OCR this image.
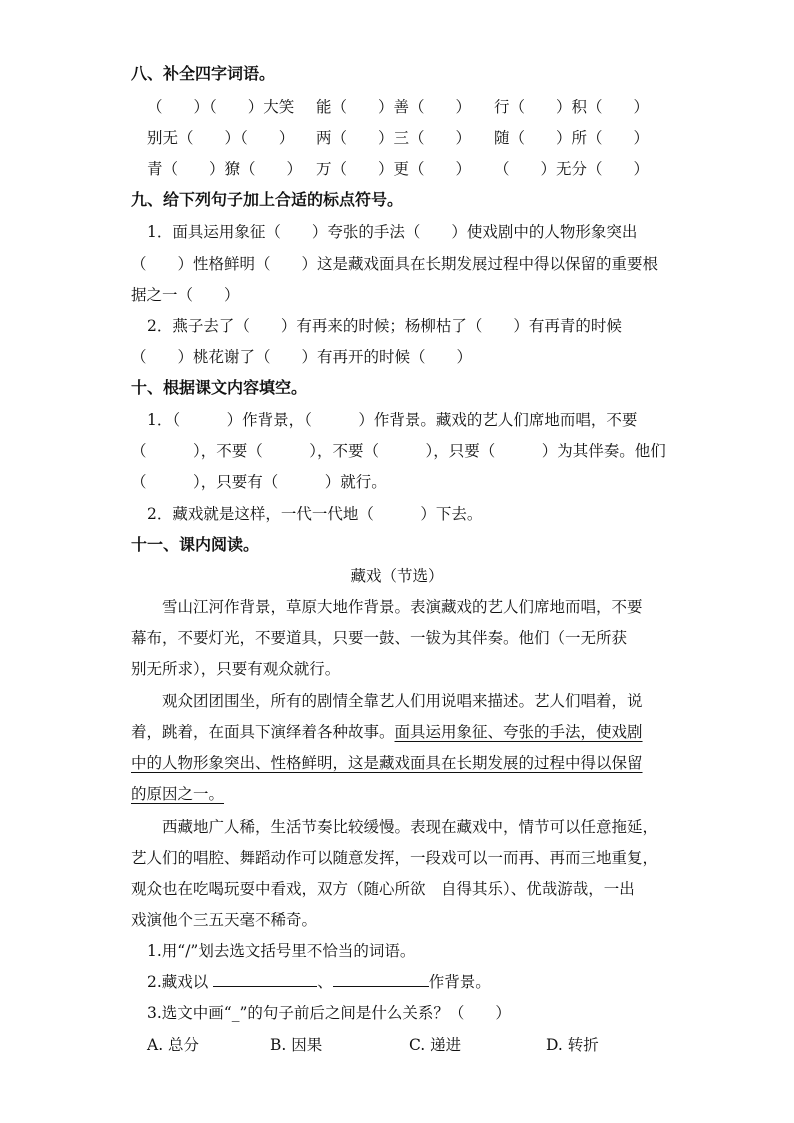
八、补全四字词语。
（　　）（　　）大笑 能（　　）善（　　） 行（　　）积（　　）
别无（　　）（　　） 两（　　）三（　　） 随（　　）所（　　）
青（　　）獠（　　） 万（　　）更（　　） （　　）无分（　　）
九、给下列句子加上合适的标点符号。
1．面具运用象征（　　）夸张的手法（　　）使戏剧中的人物形象突出
（　　）性格鲜明（　　）这是藏戏面具在长期发展过程中得以保留的重要根
据之一（　　）
2．燕子去了（　　）有再来的时候；杨柳枯了（　　）有再青的时候
（　　）桃花谢了（　　）有再开的时候（　　）
十、根据课文内容填空。
1．（　　　）作背景，（　　　）作背景。藏戏的艺人们席地而唱，不要
（　　　），不要（　　　），不要（　　　），只要（　　　）为其伴奏。他们
（　　　），只要有（　　　）就行。
2．藏戏就是这样，一代一代地（　　　）下去。
十一、课内阅读。
藏戏（节选）
雪山江河作背景，草原大地作背景。表演藏戏的艺人们席地而唱，不要
幕布，不要灯光，不要道具，只要一鼓、一钹为其伴奏。他们（一无所获
别无所求），只要有观众就行。
观众团团围坐，所有的剧情全靠艺人们用说唱来描述。艺人们唱着，说
着，跳着，在面具下演绎着各种故事。面具运用象征、夸张的手法，使戏剧
中的人物形象突出、性格鲜明，这是藏戏面具在长期发展的过程中得以保留
的原因之一。
西藏地广人稀，生活节奏比较缓慢。表现在藏戏中，情节可以任意拖延，
艺人们的唱腔、舞蹈动作可以随意发挥，一段戏可以一而再、再而三地重复，
观众也在吃喝玩耍中看戏，双方（随心所欲　自得其乐）、优哉游哉，一出
戏演他个三五天毫不稀奇。
1.用“/”划去选文括号里不恰当的词语。
2.藏戏以	、	作背景。
3.选文中画“_”的句子前后之间是什么关系？（　　）
A. 总分	B. 因果	C. 递进	D. 转折
